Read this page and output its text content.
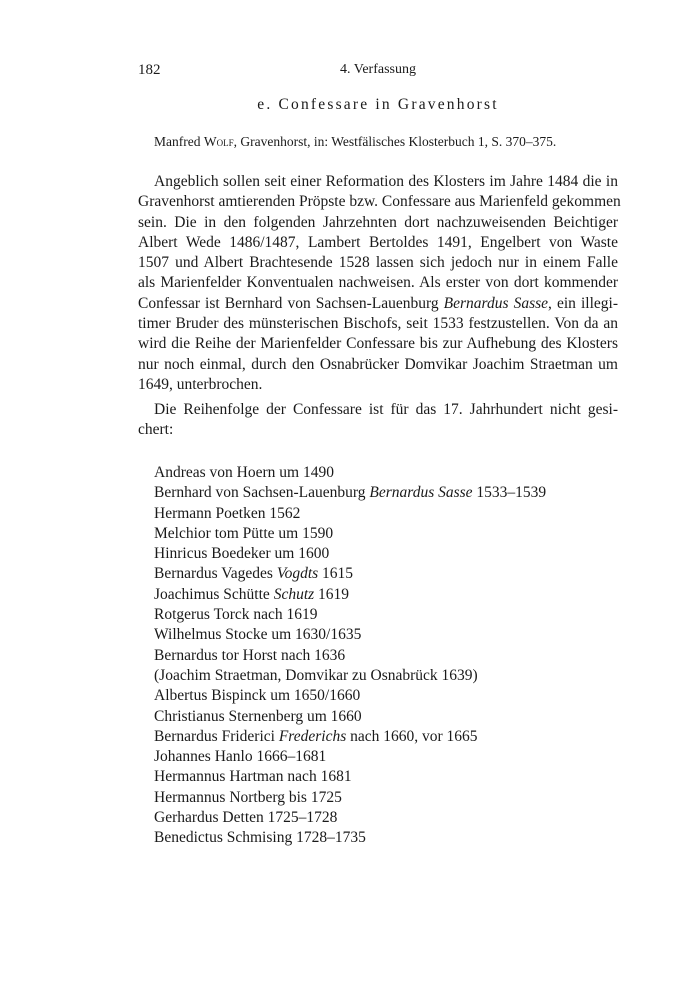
182	4. Verfassung
e. Confessare in Gravenhorst
Manfred Wolf, Gravenhorst, in: Westfälisches Klosterbuch 1, S. 370–375.
Angeblich sollen seit einer Reformation des Klosters im Jahre 1484 die in
Gravenhorst amtierenden Pröpste bzw. Confessare aus Marienfeld gekommen
sein. Die in den folgenden Jahrzehnten dort nachzuweisenden Beichtiger
Albert Wede 1486/1487, Lambert Bertoldes 1491, Engelbert von Waste
1507 und Albert Brachtesende 1528 lassen sich jedoch nur in einem Falle
als Marienfelder Konventualen nachweisen. Als erster von dort kommender
Confessar ist Bernhard von Sachsen-Lauenburg Bernardus Sasse, ein illegi-
timer Bruder des münsterischen Bischofs, seit 1533 festzustellen. Von da an
wird die Reihe der Marienfelder Confessare bis zur Aufhebung des Klosters
nur noch einmal, durch den Osnabrücker Domvikar Joachim Straetman um
1649, unterbrochen.
Die Reihenfolge der Confessare ist für das 17. Jahrhundert nicht gesi-
chert:
Andreas von Hoern um 1490
Bernhard von Sachsen-Lauenburg Bernardus Sasse 1533–1539
Hermann Poetken 1562
Melchior tom Pütte um 1590
Hinricus Boedeker um 1600
Bernardus Vagedes Vogdts 1615
Joachimus Schütte Schutz 1619
Rotgerus Torck nach 1619
Wilhelmus Stocke um 1630/1635
Bernardus tor Horst nach 1636
(Joachim Straetman, Domvikar zu Osnabrück 1639)
Albertus Bispinck um 1650/1660
Christianus Sternenberg um 1660
Bernardus Friderici Frederichs nach 1660, vor 1665
Johannes Hanlo 1666–1681
Hermannus Hartman nach 1681
Hermannus Nortberg bis 1725
Gerhardus Detten 1725–1728
Benedictus Schmising 1728–1735
